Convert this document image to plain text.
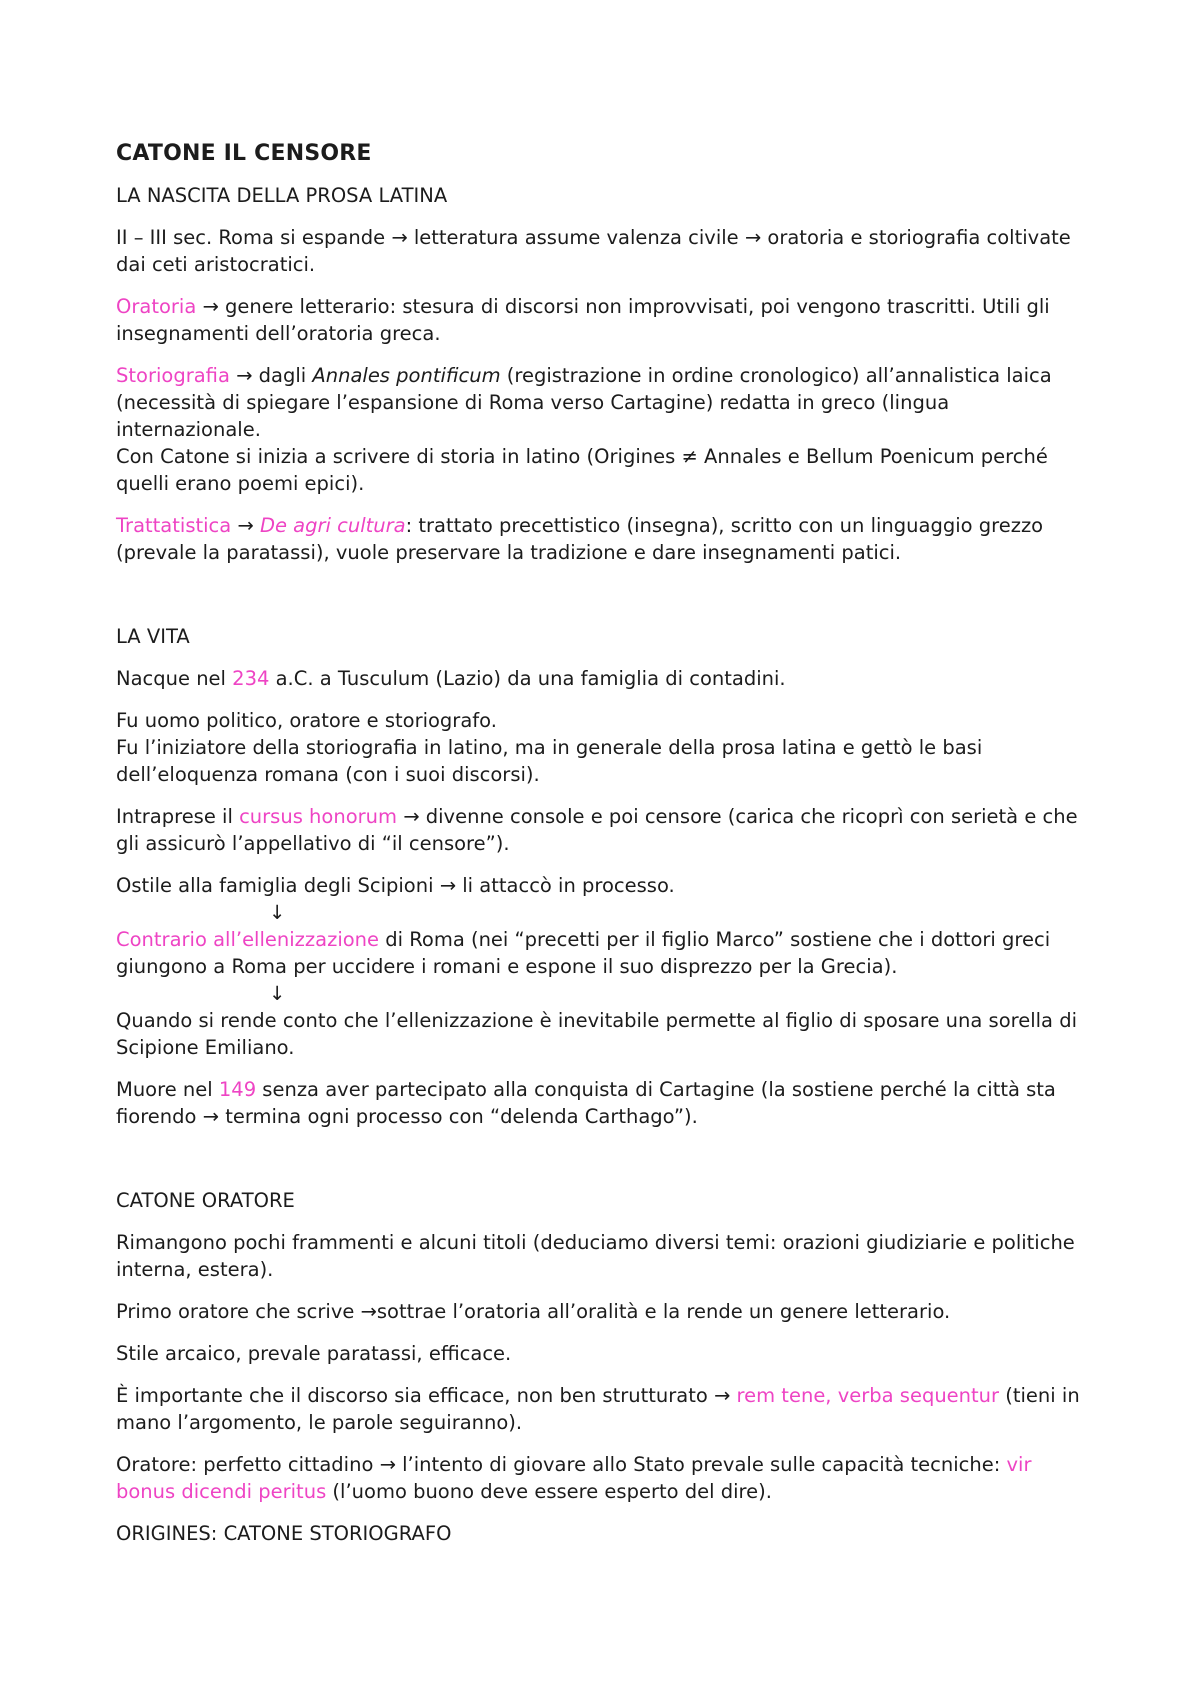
CATONE IL CENSORE
LA NASCITA DELLA PROSA LATINA

II – III sec. Roma si espande → letteratura assume valenza civile → oratoria e storiografia coltivate dai ceti aristocratici.

Oratoria → genere letterario: stesura di discorsi non improvvisati, poi vengono trascritti. Utili gli insegnamenti dell’oratoria greca.

Storiografia → dagli Annales pontificum (registrazione in ordine cronologico) all’annalistica laica (necessità di spiegare l’espansione di Roma verso Cartagine) redatta in greco (lingua internazionale.
Con Catone si inizia a scrivere di storia in latino (Origines ≠ Annales e Bellum Poenicum perché quelli erano poemi epici).

Trattatistica → De agri cultura: trattato precettistico (insegna), scritto con un linguaggio grezzo (prevale la paratassi), vuole preservare la tradizione e dare insegnamenti patici.

LA VITA

Nacque nel 234 a.C. a Tusculum (Lazio) da una famiglia di contadini.

Fu uomo politico, oratore e storiografo.
Fu l’iniziatore della storiografia in latino, ma in generale della prosa latina e gettò le basi dell’eloquenza romana (con i suoi discorsi).

Intraprese il cursus honorum → divenne console e poi censore (carica che ricoprì con serietà e che gli assicurò l’appellativo di “il censore”).

Ostile alla famiglia degli Scipioni → li attaccò in processo.
↓
Contrario all’ellenizzazione di Roma (nei “precetti per il figlio Marco” sostiene che i dottori greci giungono a Roma per uccidere i romani e espone il suo disprezzo per la Grecia).
↓
Quando si rende conto che l’ellenizzazione è inevitabile permette al figlio di sposare una sorella di Scipione Emiliano.

Muore nel 149 senza aver partecipato alla conquista di Cartagine (la sostiene perché la città sta fiorendo → termina ogni processo con “delenda Carthago”).

CATONE ORATORE

Rimangono pochi frammenti e alcuni titoli (deduciamo diversi temi: orazioni giudiziarie e politiche interna, estera).

Primo oratore che scrive →sottrae l’oratoria all’oralità e la rende un genere letterario.

Stile arcaico, prevale paratassi, efficace.

È importante che il discorso sia efficace, non ben strutturato → rem tene, verba sequentur (tieni in mano l’argomento, le parole seguiranno).

Oratore: perfetto cittadino → l’intento di giovare allo Stato prevale sulle capacità tecniche: vir bonus dicendi peritus (l’uomo buono deve essere esperto del dire).

ORIGINES: CATONE STORIOGRAFO
